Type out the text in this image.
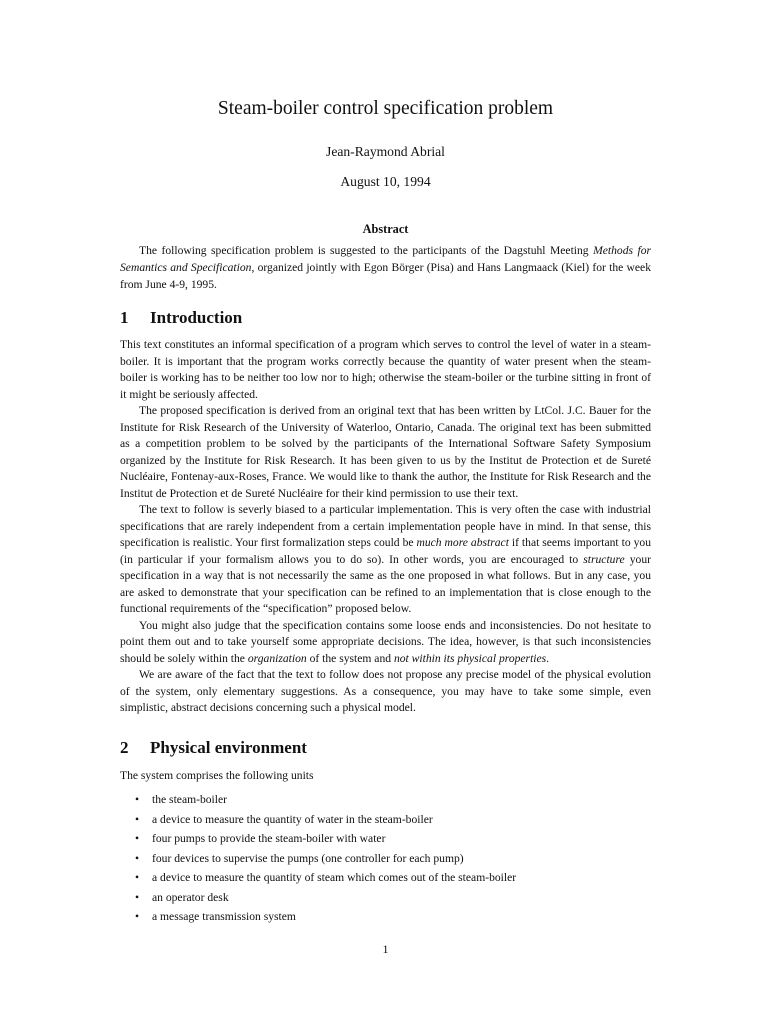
Steam-boiler control specification problem
Jean-Raymond Abrial
August 10, 1994
Abstract

The following specification problem is suggested to the participants of the Dagstuhl Meeting Methods for Semantics and Specification, organized jointly with Egon Börger (Pisa) and Hans Langmaack (Kiel) for the week from June 4-9, 1995.

1 Introduction

This text constitutes an informal specification of a program which serves to control the level of water in a steam-boiler. It is important that the program works correctly because the quantity of water present when the steam-boiler is working has to be neither too low nor to high; otherwise the steam-boiler or the turbine sitting in front of it might be seriously affected.

The proposed specification is derived from an original text that has been written by LtCol. J.C. Bauer for the Institute for Risk Research of the University of Waterloo, Ontario, Canada. The original text has been submitted as a competition problem to be solved by the participants of the International Software Safety Symposium organized by the Institute for Risk Research. It has been given to us by the Institut de Protection et de Sureté Nucléaire, Fontenay-aux-Roses, France. We would like to thank the author, the Institute for Risk Research and the Institut de Protection et de Sureté Nucléaire for their kind permission to use their text.

The text to follow is severly biased to a particular implementation. This is very often the case with industrial specifications that are rarely independent from a certain implementation people have in mind. In that sense, this specification is realistic. Your first formalization steps could be much more abstract if that seems important to you (in particular if your formalism allows you to do so). In other words, you are encouraged to structure your specification in a way that is not necessarily the same as the one proposed in what follows. But in any case, you are asked to demonstrate that your specification can be refined to an implementation that is close enough to the functional requirements of the “specification” proposed below.

You might also judge that the specification contains some loose ends and inconsistencies. Do not hesitate to point them out and to take yourself some appropriate decisions. The idea, however, is that such inconsistencies should be solely within the organization of the system and not within its physical properties.

We are aware of the fact that the text to follow does not propose any precise model of the physical evolution of the system, only elementary suggestions. As a consequence, you may have to take some simple, even simplistic, abstract decisions concerning such a physical model.

2 Physical environment

The system comprises the following units

• the steam-boiler
• a device to measure the quantity of water in the steam-boiler
• four pumps to provide the steam-boiler with water
• four devices to supervise the pumps (one controller for each pump)
• a device to measure the quantity of steam which comes out of the steam-boiler
• an operator desk
• a message transmission system
1
